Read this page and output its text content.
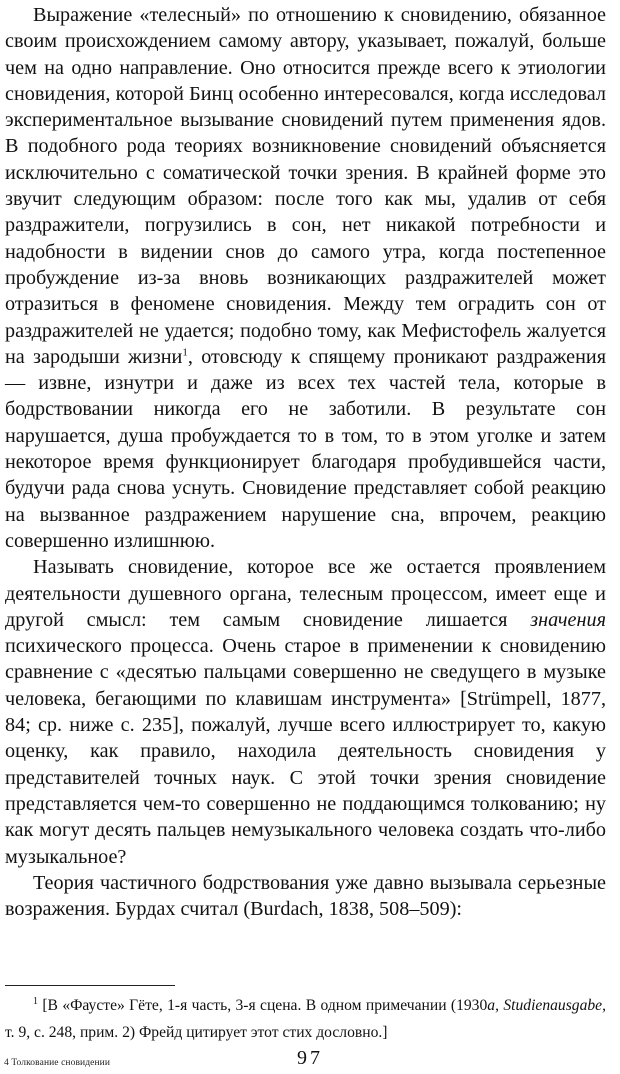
Выражение «телесный» по отношению к сновидению, обязанное своим происхождением самому автору, указывает, пожалуй, больше чем на одно направление. Оно относится прежде всего к этиологии сновидения, которой Бинц особенно интересовался, когда исследовал экспериментальное вызывание сновидений путем применения ядов. В подобного рода теориях возникновение сновидений объясняется исключительно с соматической точки зрения. В крайней форме это звучит следующим образом: после того как мы, удалив от себя раздражители, погрузились в сон, нет никакой потребности и надобности в видении снов до самого утра, когда постепенное пробуждение из-за вновь возникающих раздражителей может отразиться в феномене сновидения. Между тем оградить сон от раздражителей не удается; подобно тому, как Мефистофель жалуется на зародыши жизни$^1$, отовсюду к спящему проникают раздражения — извне, изнутри и даже из всех тех частей тела, которые в бодрствовании никогда его не заботили. В результате сон нарушается, душа пробуждается то в том, то в этом уголке и затем некоторое время функционирует благодаря пробудившейся части, будучи рада снова уснуть. Сновидение представляет собой реакцию на вызванное раздражением нарушение сна, впрочем, реакцию совершенно излишнюю.

Называть сновидение, которое все же остается проявлением деятельности душевного органа, телесным процессом, имеет еще и другой смысл: тем самым сновидение лишается значения психического процесса. Очень старое в применении к сновидению сравнение с «десятью пальцами совершенно не сведущего в музыке человека, бегающими по клавишам инструмента» [Strümpell, 1877, 84; ср. ниже с. 235], пожалуй, лучше всего иллюстрирует то, какую оценку, как правило, находила деятельность сновидения у представителей точных наук. С этой точки зрения сновидение представляется чем-то совершенно не поддающимся толкованию; ну как могут десять пальцев немузыкального человека создать что-либо музыкальное?

Теория частичного бодрствования уже давно вызывала серьезные возражения. Бурдах считал (Burdach, 1838, 508–509):

$^1$ [В «Фаусте» Гёте, 1-я часть, 3-я сцена. В одном примечании (1930a, Studienausgabe, т. 9, с. 248, прим. 2) Фрейд цитирует этот стих дословно.]

4 Толкование сновидении	97
